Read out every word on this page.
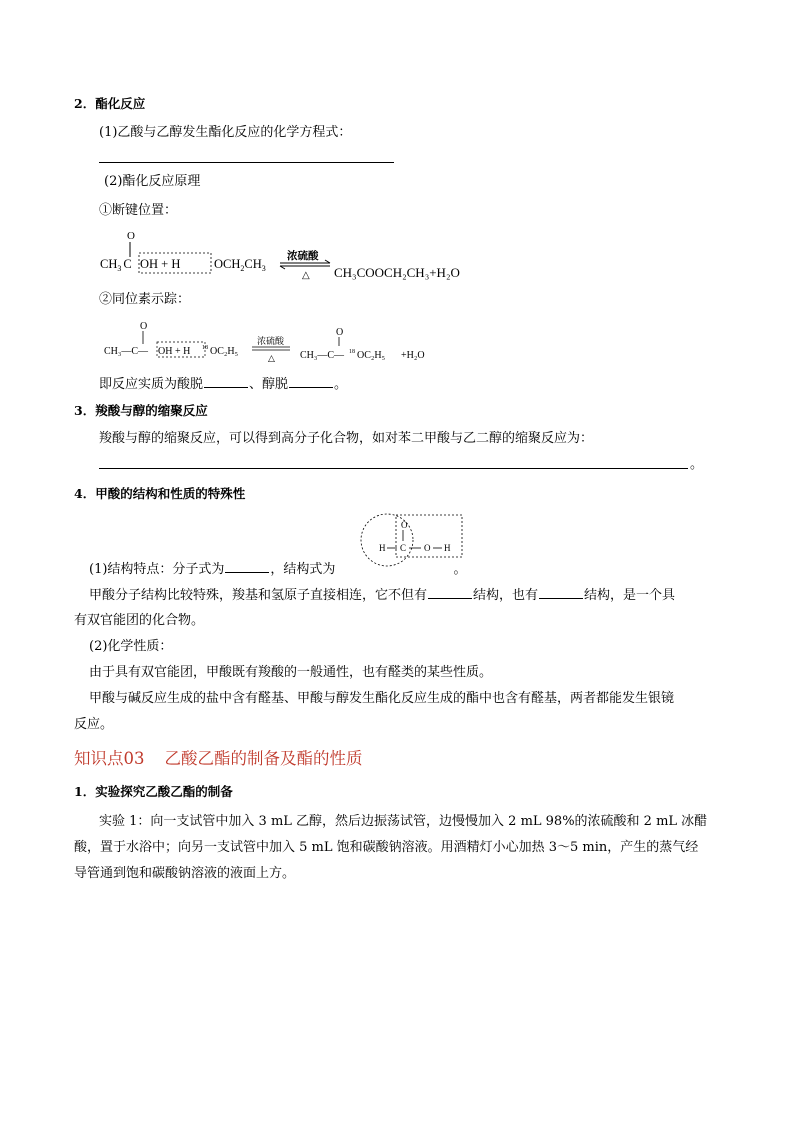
2．酯化反应
(1)乙酸与乙醇发生酯化反应的化学方程式：
(2)酯化反应原理
①断键位置：
O
$CH_3$ C OH + H	$OCH_2CH_3$
浓硫酸
△ CH₃COOCH₂CH₃+H₂O
②同位素示踪：
O
CH₃—C— OH + H 18 OC₂H₅
浓硫酸
△
O
CH₃—C— 18 OC₂H₅ +H₂O
即反应实质为酸脱	、醇脱	。
3．羧酸与醇的缩聚反应
羧酸与醇的缩聚反应，可以得到高分子化合物，如对苯二甲酸与乙二醇的缩聚反应为：
。
4．甲酸的结构和性质的特殊性
O
H C O H
(1)结构特点：分子式为	，结构式为	。
甲酸分子结构比较特殊，羧基和氢原子直接相连，它不但有	结构，也有	结构，是一个具
有双官能团的化合物。
(2)化学性质：
由于具有双官能团，甲酸既有羧酸的一般通性，也有醛类的某些性质。
甲酸与碱反应生成的盐中含有醛基、甲酸与醇发生酯化反应生成的酯中也含有醛基，两者都能发生银镜
反应。
知识点03 乙酸乙酯的制备及酯的性质
1．实验探究乙酸乙酯的制备
实验 1：向一支试管中加入 3 mL 乙醇，然后边振荡试管，边慢慢加入 2 mL 98%的浓硫酸和 2 mL 冰醋
酸，置于水浴中；向另一支试管中加入 5 mL 饱和碳酸钠溶液。用酒精灯小心加热 3～5 min，产生的蒸气经
导管通到饱和碳酸钠溶液的液面上方。
